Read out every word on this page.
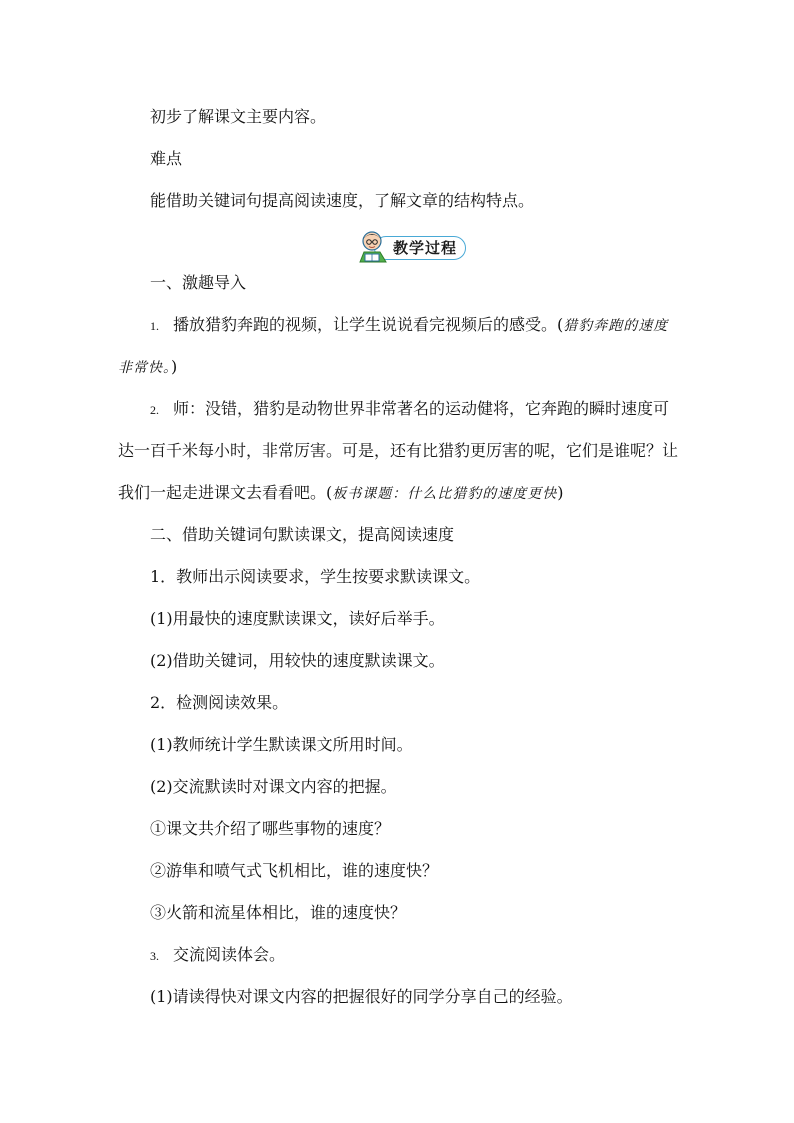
初步了解课文主要内容。

难点

能借助关键词句提高阅读速度，了解文章的结构特点。

教学过程

一、激趣导入

1. 播放猎豹奔跑的视频，让学生说说看完视频后的感受。(猎豹奔跑的速度

非常快。)

2. 师：没错，猎豹是动物世界非常著名的运动健将，它奔跑的瞬时速度可

达一百千米每小时，非常厉害。可是，还有比猎豹更厉害的呢，它们是谁呢？让

我们一起走进课文去看看吧。(板书课题：什么比猎豹的速度更快)

二、借助关键词句默读课文，提高阅读速度

1．教师出示阅读要求，学生按要求默读课文。

(1)用最快的速度默读课文，读好后举手。

(2)借助关键词，用较快的速度默读课文。

2．检测阅读效果。

(1)教师统计学生默读课文所用时间。

(2)交流默读时对课文内容的把握。

①课文共介绍了哪些事物的速度？

②游隼和喷气式飞机相比，谁的速度快？

③火箭和流星体相比，谁的速度快？

3. 交流阅读体会。

(1)请读得快对课文内容的把握很好的同学分享自己的经验。
